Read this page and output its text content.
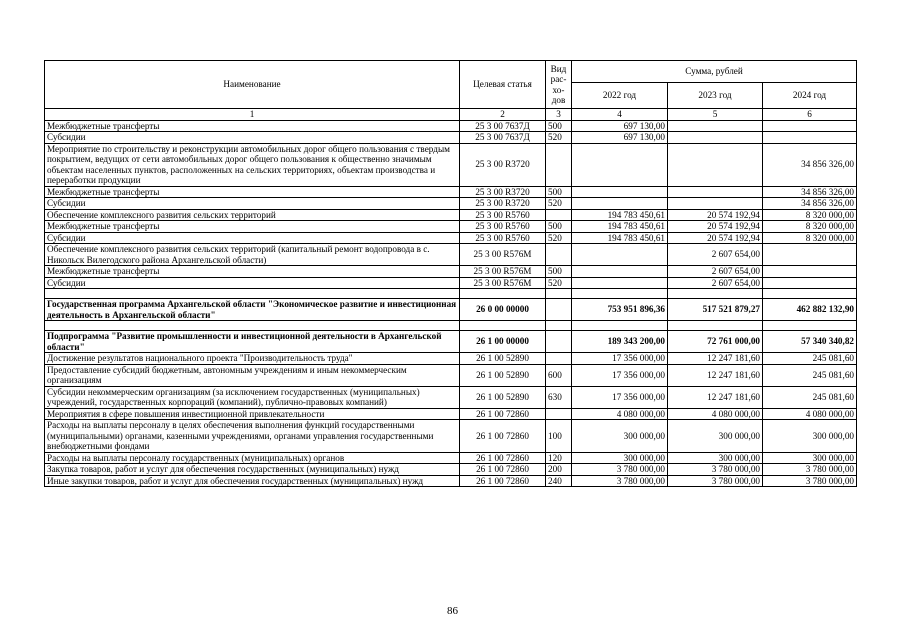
Наименование	Целевая статья	Вид рас-хо-дов	Сумма, рублей		
			2022 год	2023 год	2024 год
1	2	3	4	5	6
Межбюджетные трансферты	25 3 00 7637Д	500	697 130,00		
Субсидии	25 3 00 7637Д	520	697 130,00		
Мероприятие по строительству и реконструкции автомобильных дорог общего пользования с твердым покрытием, ведущих от сети автомобильных дорог общего пользования к общественно значимым объектам населенных пунктов, расположенных на сельских территориях, объектам производства и переработки продукции	25 3 00 R3720				34 856 326,00
Межбюджетные трансферты	25 3 00 R3720	500			34 856 326,00
Субсидии	25 3 00 R3720	520			34 856 326,00
Обеспечение комплексного развития сельских территорий	25 3 00 R5760		194 783 450,61	20 574 192,94	8 320 000,00
Межбюджетные трансферты	25 3 00 R5760	500	194 783 450,61	20 574 192,94	8 320 000,00
Субсидии	25 3 00 R5760	520	194 783 450,61	20 574 192,94	8 320 000,00
Обеспечение комплексного развития сельских территорий (капитальный ремонт водопровода в с. Никольск Вилегодского района Архангельской области)	25 3 00 R576М			2 607 654,00	
Межбюджетные трансферты	25 3 00 R576М	500		2 607 654,00	
Субсидии	25 3 00 R576М	520		2 607 654,00	

Государственная программа Архангельской области "Экономическое развитие и инвестиционная деятельность в Архангельской области"	26 0 00 00000		753 951 896,36	517 521 879,27	462 882 132,90

Подпрограмма "Развитие промышленности и инвестиционной деятельности в Архангельской области"	26 1 00 00000		189 343 200,00	72 761 000,00	57 340 340,82
Достижение результатов национального проекта "Производительность труда"	26 1 00 52890		17 356 000,00	12 247 181,60	245 081,60
Предоставление субсидий бюджетным, автономным учреждениям и иным некоммерческим организациям	26 1 00 52890	600	17 356 000,00	12 247 181,60	245 081,60
Субсидии некоммерческим организациям (за исключением государственных (муниципальных) учреждений, государственных корпораций (компаний), публично-правовых компаний)	26 1 00 52890	630	17 356 000,00	12 247 181,60	245 081,60
Мероприятия в сфере повышения инвестиционной привлекательности	26 1 00 72860		4 080 000,00	4 080 000,00	4 080 000,00
Расходы на выплаты персоналу в целях обеспечения выполнения функций государственными (муниципальными) органами, казенными учреждениями, органами управления государственными внебюджетными фондами	26 1 00 72860	100	300 000,00	300 000,00	300 000,00
Расходы на выплаты персоналу государственных (муниципальных) органов	26 1 00 72860	120	300 000,00	300 000,00	300 000,00
Закупка товаров, работ и услуг для обеспечения государственных (муниципальных) нужд	26 1 00 72860	200	3 780 000,00	3 780 000,00	3 780 000,00
Иные закупки товаров, работ и услуг для обеспечения государственных (муниципальных) нужд	26 1 00 72860	240	3 780 000,00	3 780 000,00	3 780 000,00
86
